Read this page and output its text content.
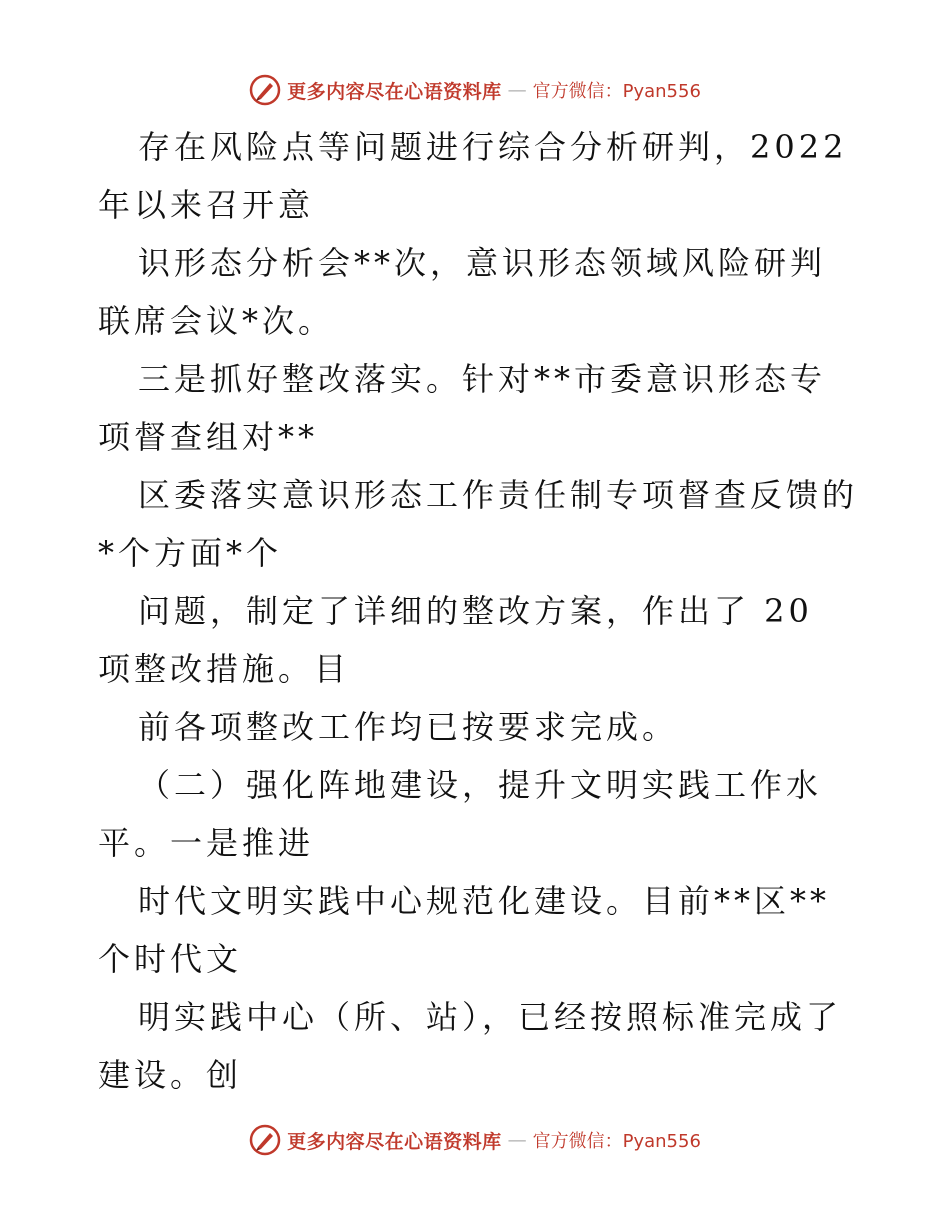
更多内容尽在心语资料库 — 官方微信：Pyan556

存在风险点等问题进行综合分析研判，2022 年以来召开意

识形态分析会**次，意识形态领域风险研判联席会议*次。

三是抓好整改落实。针对**市委意识形态专项督查组对**

区委落实意识形态工作责任制专项督查反馈的*个方面*个

问题，制定了详细的整改方案，作出了 20 项整改措施。目

前各项整改工作均已按要求完成。

（二）强化阵地建设，提升文明实践工作水平。一是推进

时代文明实践中心规范化建设。目前**区**个时代文

明实践中心（所、站），已经按照标准完成了建设。创

更多内容尽在心语资料库 — 官方微信：Pyan556
